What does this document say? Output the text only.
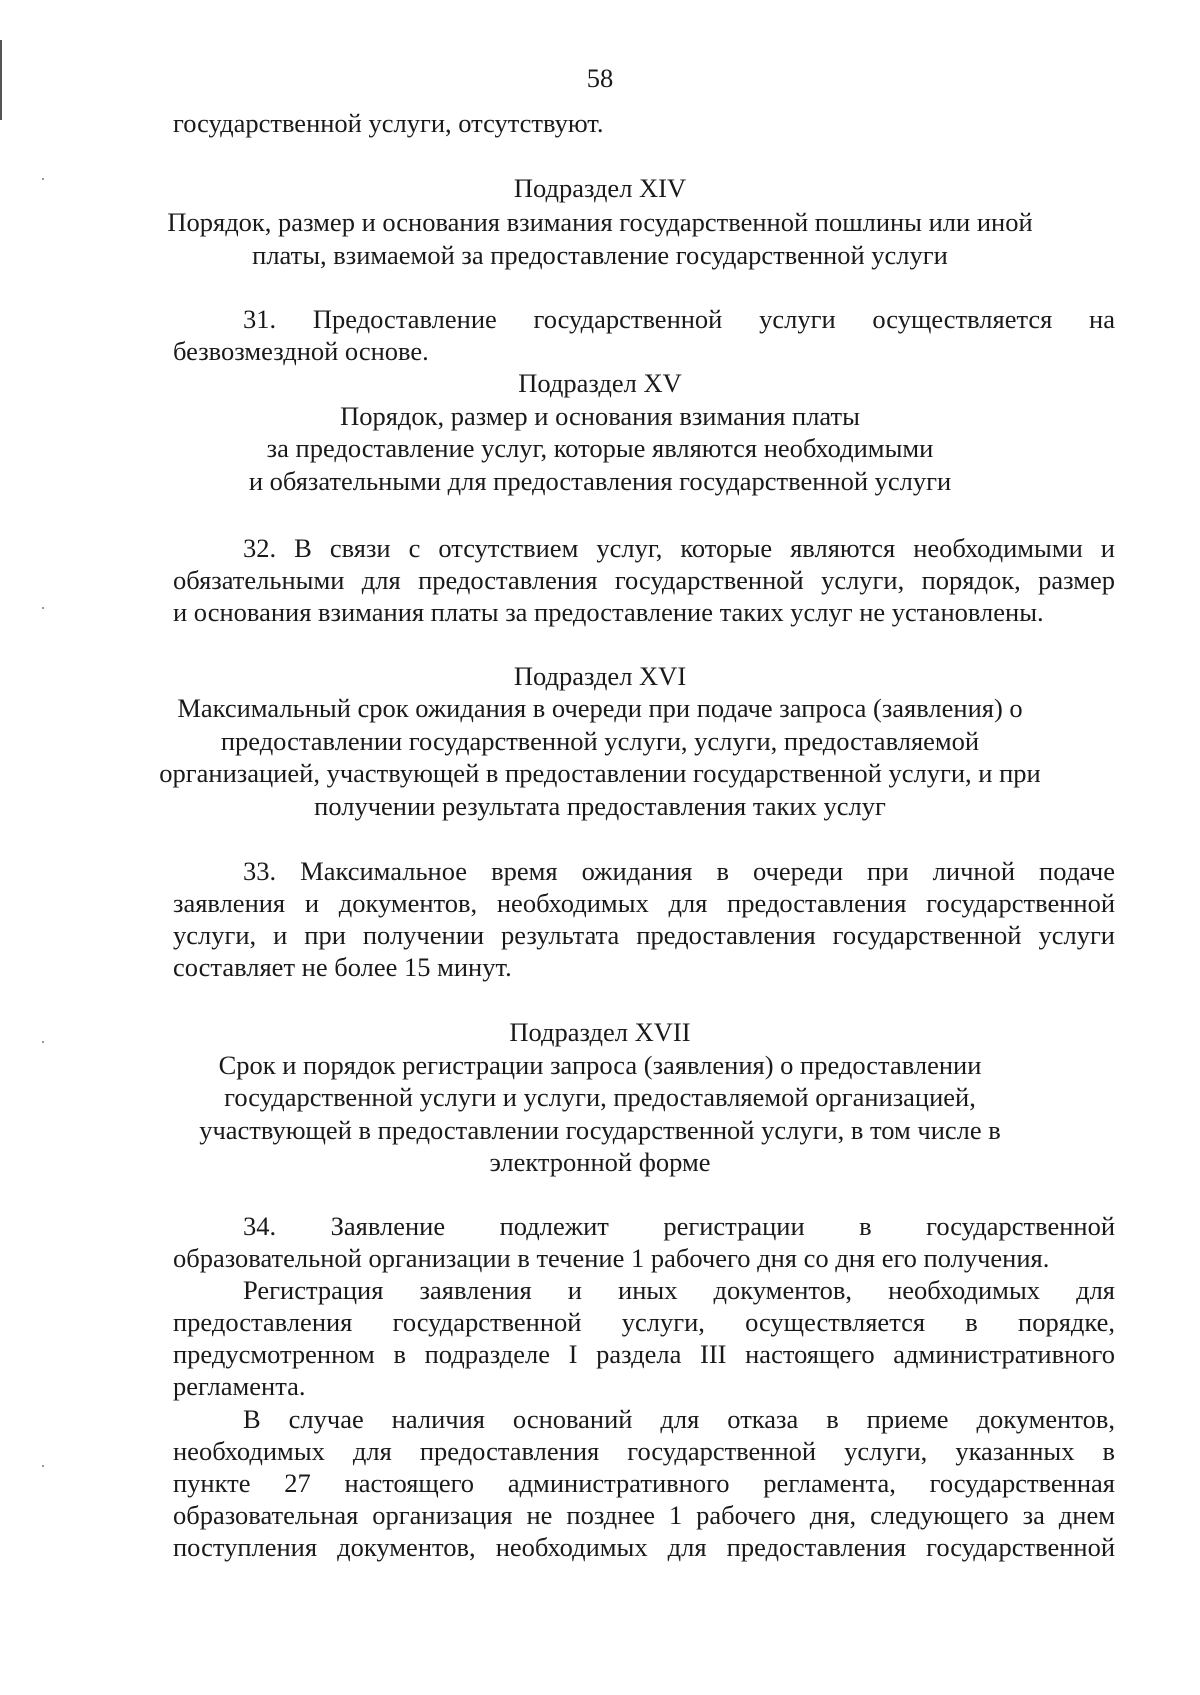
58
государственной услуги, отсутствуют.
Подраздел XIV
Порядок, размер и основания взимания государственной пошлины или иной
платы, взимаемой за предоставление государственной услуги
31. Предоставление государственной услуги осуществляется на
безвозмездной основе.
Подраздел XV
Порядок, размер и основания взимания платы
за предоставление услуг, которые являются необходимыми
и обязательными для предоставления государственной услуги
32. В связи с отсутствием услуг, которые являются необходимыми и
обязательными для предоставления государственной услуги, порядок, размер
и основания взимания платы за предоставление таких услуг не установлены.
Подраздел XVI
Максимальный срок ожидания в очереди при подаче запроса (заявления) о
предоставлении государственной услуги, услуги, предоставляемой
организацией, участвующей в предоставлении государственной услуги, и при
получении результата предоставления таких услуг
33. Максимальное время ожидания в очереди при личной подаче
заявления и документов, необходимых для предоставления государственной
услуги, и при получении результата предоставления государственной услуги
составляет не более 15 минут.
Подраздел XVII
Срок и порядок регистрации запроса (заявления) о предоставлении
государственной услуги и услуги, предоставляемой организацией,
участвующей в предоставлении государственной услуги, в том числе в
электронной форме
34. Заявление подлежит регистрации в государственной
образовательной организации в течение 1 рабочего дня со дня его получения.
Регистрация заявления и иных документов, необходимых для
предоставления государственной услуги, осуществляется в порядке,
предусмотренном в подразделе I раздела III настоящего административного
регламента.
В случае наличия оснований для отказа в приеме документов,
необходимых для предоставления государственной услуги, указанных в
пункте 27 настоящего административного регламента, государственная
образовательная организация не позднее 1 рабочего дня, следующего за днем
поступления документов, необходимых для предоставления государственной
